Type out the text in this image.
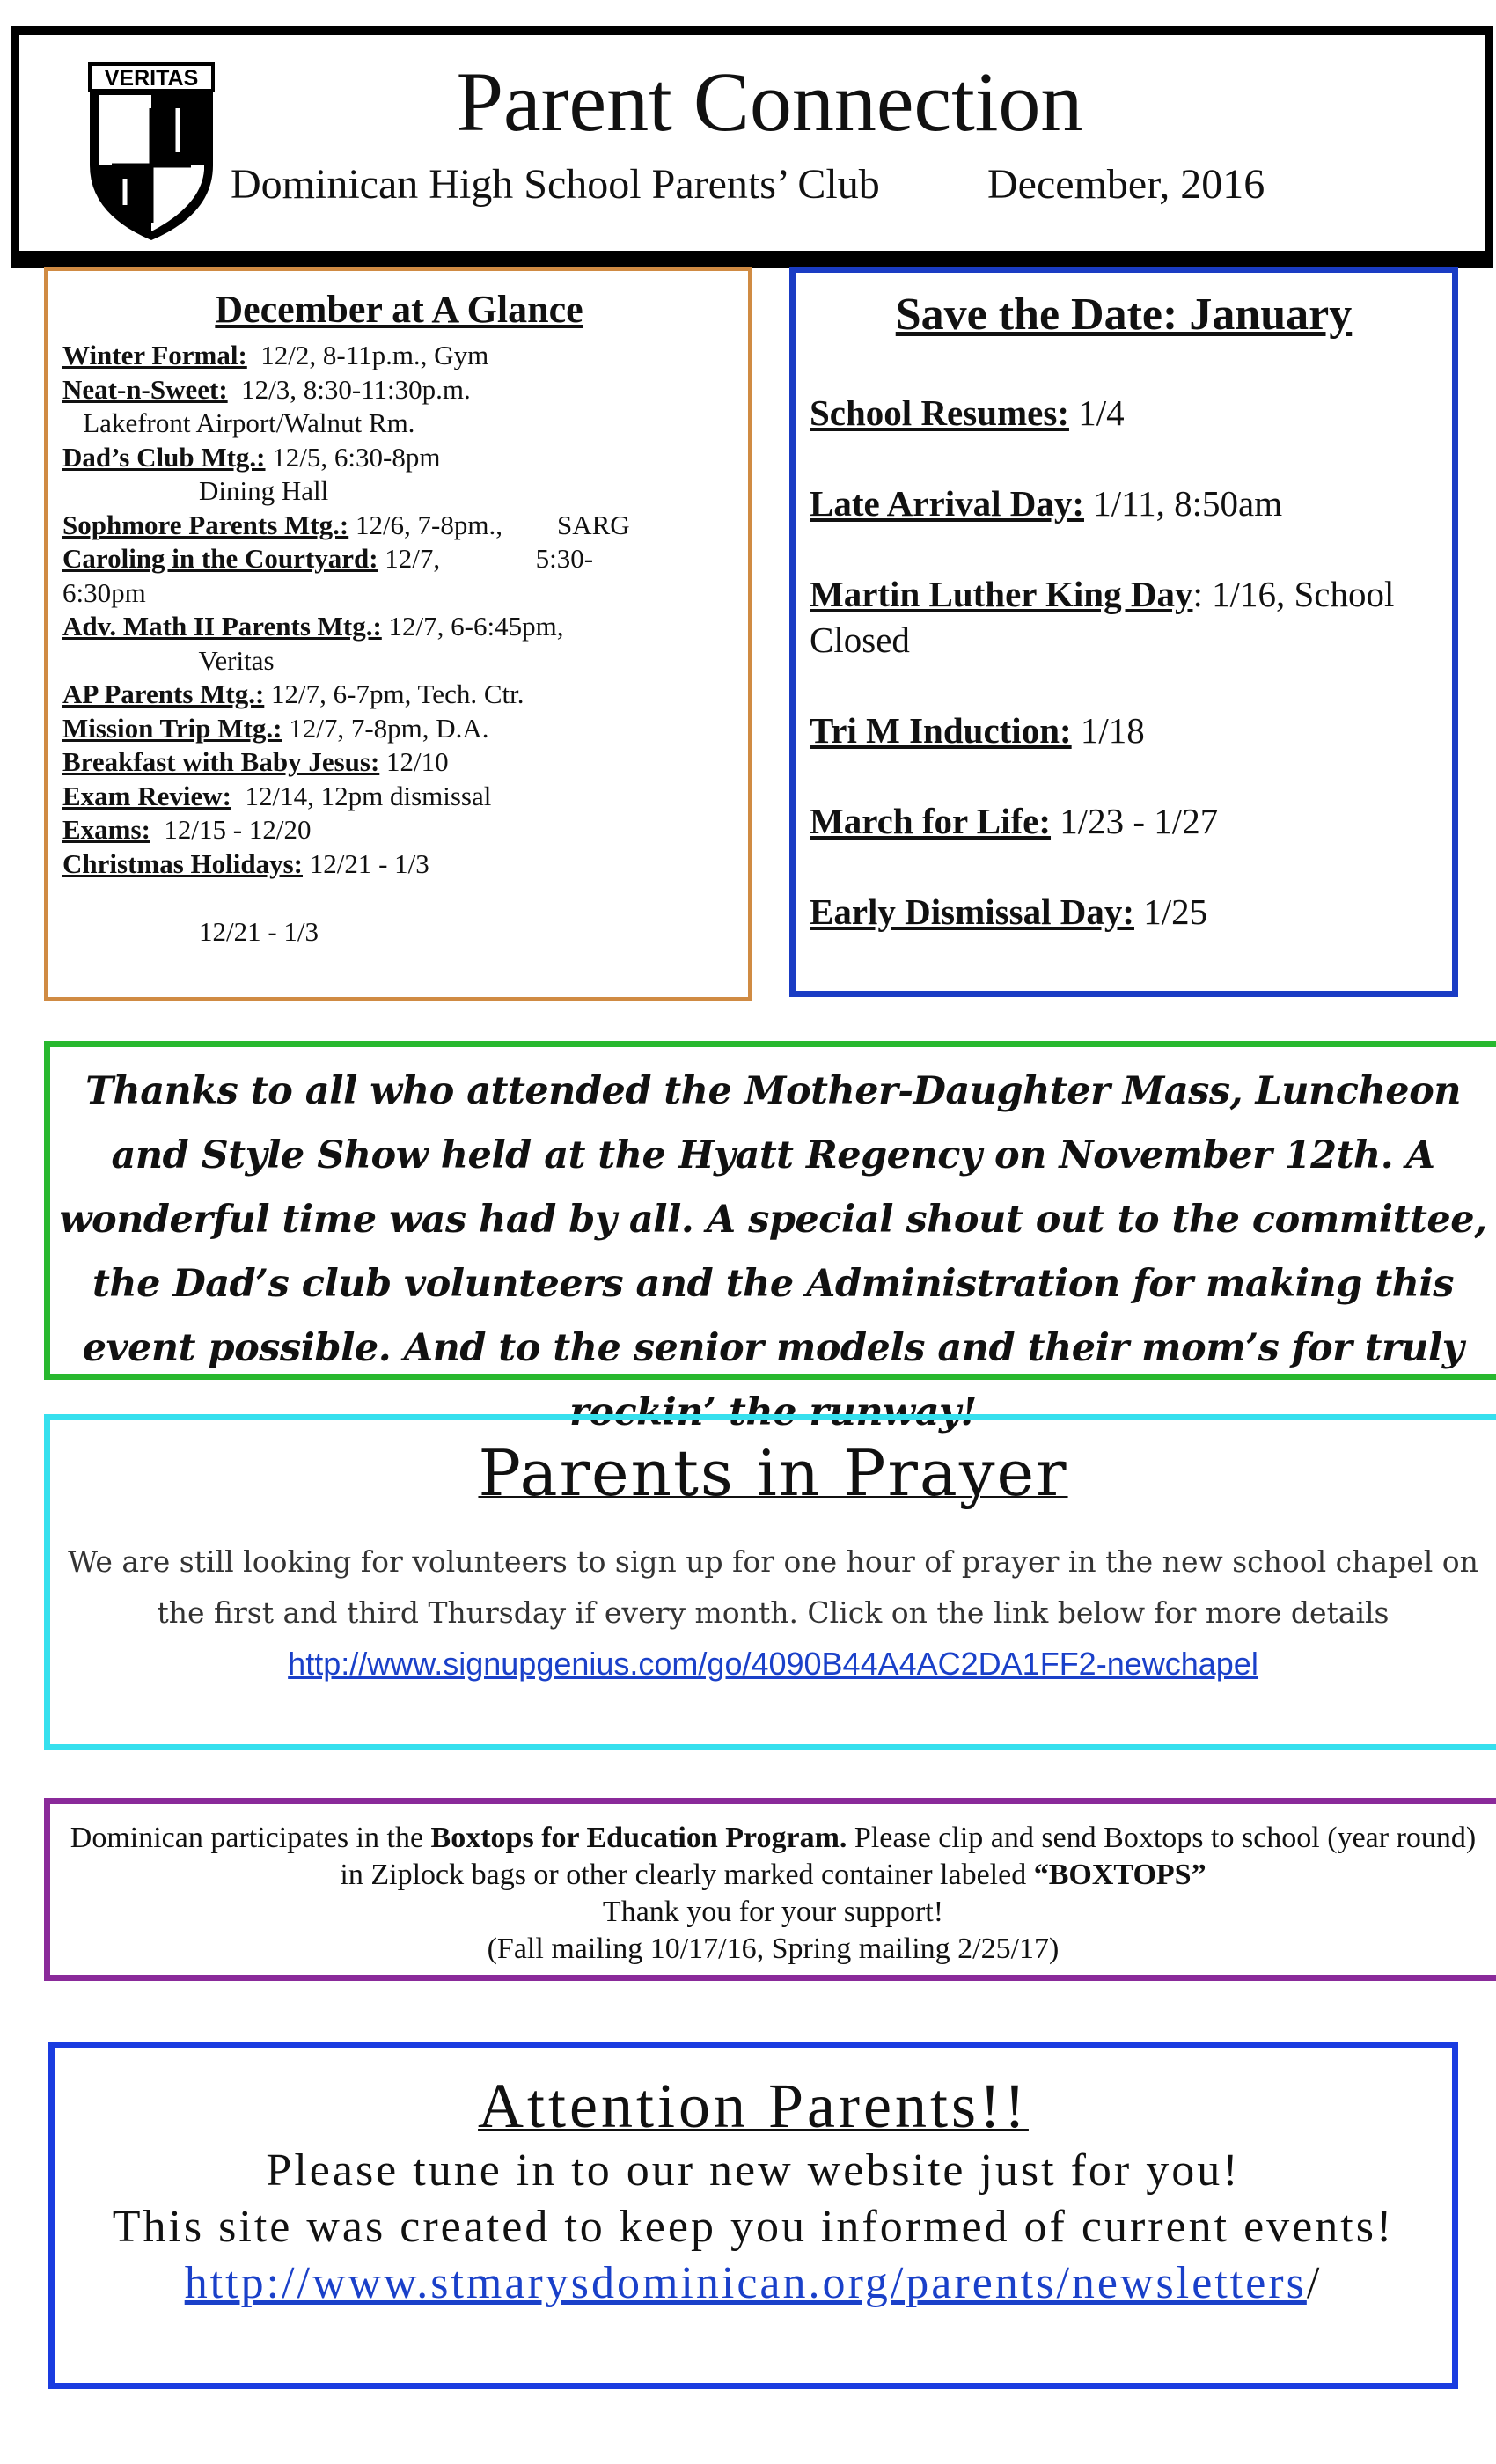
VERITAS	Parent Connection
Dominican High School Parents’ Club	December, 2016
December at A Glance
Winter Formal:  12/2, 8-11p.m., Gym
Neat-n-Sweet:  12/3, 8:30-11:30p.m.
Lakefront Airport/Walnut Rm.
Dad’s Club Mtg.: 12/5, 6:30-8pm
Dining Hall
Sophmore Parents Mtg.: 12/6, 7-8pm.,        SARG
Caroling in the Courtyard: 12/7,              5:30-
6:30pm
Adv. Math II Parents Mtg.: 12/7, 6-6:45pm,
Veritas
AP Parents Mtg.: 12/7, 6-7pm, Tech. Ctr.
Mission Trip Mtg.: 12/7, 7-8pm, D.A.
Breakfast with Baby Jesus: 12/10
Exam Review:  12/14, 12pm dismissal
Exams:  12/15 - 12/20
Christmas Holidays: 12/21 - 1/3

12/21 - 1/3
Save the Date: January
School Resumes: 1/4
Late Arrival Day: 1/11, 8:50am
Martin Luther King Day: 1/16, School Closed
Tri M Induction: 1/18
March for Life: 1/23 - 1/27
Early Dismissal Day: 1/25

Thanks to all who attended the Mother-Daughter Mass, Luncheon and Style Show held at the Hyatt Regency on November 12th. A wonderful time was had by all. A special shout out to the committee, the Dad’s club volunteers and the Administration for making this event possible. And to the senior models and their mom’s for truly rockin’ the runway!

Parents in Prayer

We are still looking for volunteers to sign up for one hour of prayer in the new school chapel on the first and third Thursday if every month. Click on the link below for more details

http://www.signupgenius.com/go/4090B44A4AC2DA1FF2-newchapel

Dominican participates in the Boxtops for Education Program. Please clip and send Boxtops to school (year round) in Ziplock bags or other clearly marked container labeled “BOXTOPS”

Thank you for your support!

(Fall mailing 10/17/16, Spring mailing 2/25/17)

Attention Parents!!

Please tune in to our new website just for you!

This site was created to keep you informed of current events!

http://www.stmarysdominican.org/parents/newsletters/
